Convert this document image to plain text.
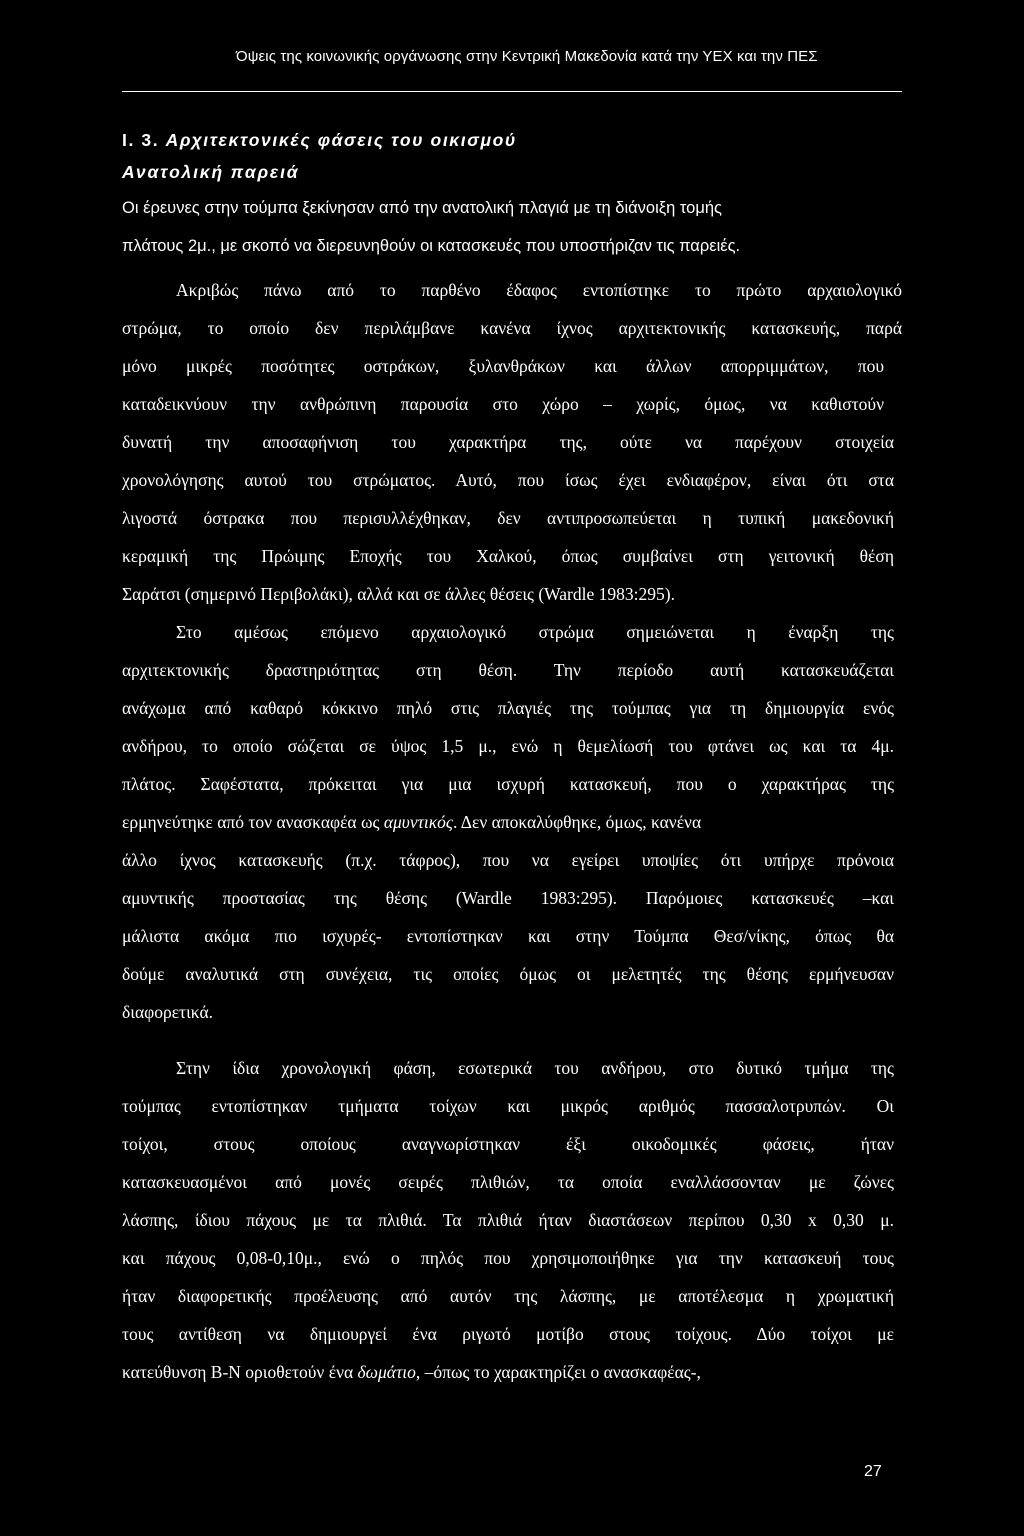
Όψεις της κοινωνικής οργάνωσης στην Κεντρική Μακεδονία κατά την ΥΕΧ και την ΠΕΣ
Ι. 3. Αρχιτεκτονικές φάσεις του οικισμού
Ανατολική παρειά
Οι έρευνες στην τούμπα ξεκίνησαν από την ανατολική πλαγιά με τη διάνοιξη τομής
πλάτους 2μ., με σκοπό να διερευνηθούν οι κατασκευές που υποστήριζαν τις παρειές.
Ακριβώς πάνω από το παρθένο έδαφος εντοπίστηκε το πρώτο αρχαιολογικό
στρώμα, το οποίο δεν περιλάμβανε κανένα ίχνος αρχιτεκτονικής κατασκευής, παρά
μόνο μικρές ποσότητες οστράκων, ξυλανθράκων και άλλων απορριμμάτων, που
καταδεικνύουν την ανθρώπινη παρουσία στο χώρο – χωρίς, όμως, να καθιστούν
δυνατή την αποσαφήνιση του χαρακτήρα της, ούτε να παρέχουν στοιχεία
χρονολόγησης αυτού του στρώματος. Αυτό, που ίσως έχει ενδιαφέρον, είναι ότι στα
λιγοστά όστρακα που περισυλλέχθηκαν, δεν αντιπροσωπεύεται η τυπική μακεδονική
κεραμική της Πρώιμης Εποχής του Χαλκού, όπως συμβαίνει στη γειτονική θέση
Σαράτσι (σημερινό Περιβολάκι), αλλά και σε άλλες θέσεις (Wardle 1983:295).
Στο αμέσως επόμενο αρχαιολογικό στρώμα σημειώνεται η έναρξη της
αρχιτεκτονικής δραστηριότητας στη θέση. Την περίοδο αυτή κατασκευάζεται
ανάχωμα από καθαρό κόκκινο πηλό στις πλαγιές της τούμπας για τη δημιουργία ενός
ανδήρου, το οποίο σώζεται σε ύψος 1,5 μ., ενώ η θεμελίωσή του φτάνει ως και τα 4μ.
πλάτος. Σαφέστατα, πρόκειται για μια ισχυρή κατασκευή, που ο χαρακτήρας της
ερμηνεύτηκε από τον ανασκαφέα ως αμυντικός. Δεν αποκαλύφθηκε, όμως, κανένα
άλλο ίχνος κατασκευής (π.χ. τάφρος), που να εγείρει υποψίες ότι υπήρχε πρόνοια
αμυντικής προστασίας της θέσης (Wardle 1983:295). Παρόμοιες κατασκευές –και
μάλιστα ακόμα πιο ισχυρές- εντοπίστηκαν και στην Τούμπα Θεσ/νίκης, όπως θα
δούμε αναλυτικά στη συνέχεια, τις οποίες όμως οι μελετητές της θέσης ερμήνευσαν
διαφορετικά.
Στην ίδια χρονολογική φάση, εσωτερικά του ανδήρου, στο δυτικό τμήμα της
τούμπας εντοπίστηκαν τμήματα τοίχων και μικρός αριθμός πασσαλοτρυπών. Οι
τοίχοι, στους οποίους αναγνωρίστηκαν έξι οικοδομικές φάσεις, ήταν
κατασκευασμένοι από μονές σειρές πλιθιών, τα οποία εναλλάσσονταν με ζώνες
λάσπης, ίδιου πάχους με τα πλιθιά. Τα πλιθιά ήταν διαστάσεων περίπου 0,30 x 0,30 μ.
και πάχους 0,08-0,10μ., ενώ ο πηλός που χρησιμοποιήθηκε για την κατασκευή τους
ήταν διαφορετικής προέλευσης από αυτόν της λάσπης, με αποτέλεσμα η χρωματική
τους αντίθεση να δημιουργεί ένα ριγωτό μοτίβο στους τοίχους. Δύο τοίχοι με
κατεύθυνση Β-Ν οριοθετούν ένα δωμάτιο, –όπως το χαρακτηρίζει ο ανασκαφέας-,
27
